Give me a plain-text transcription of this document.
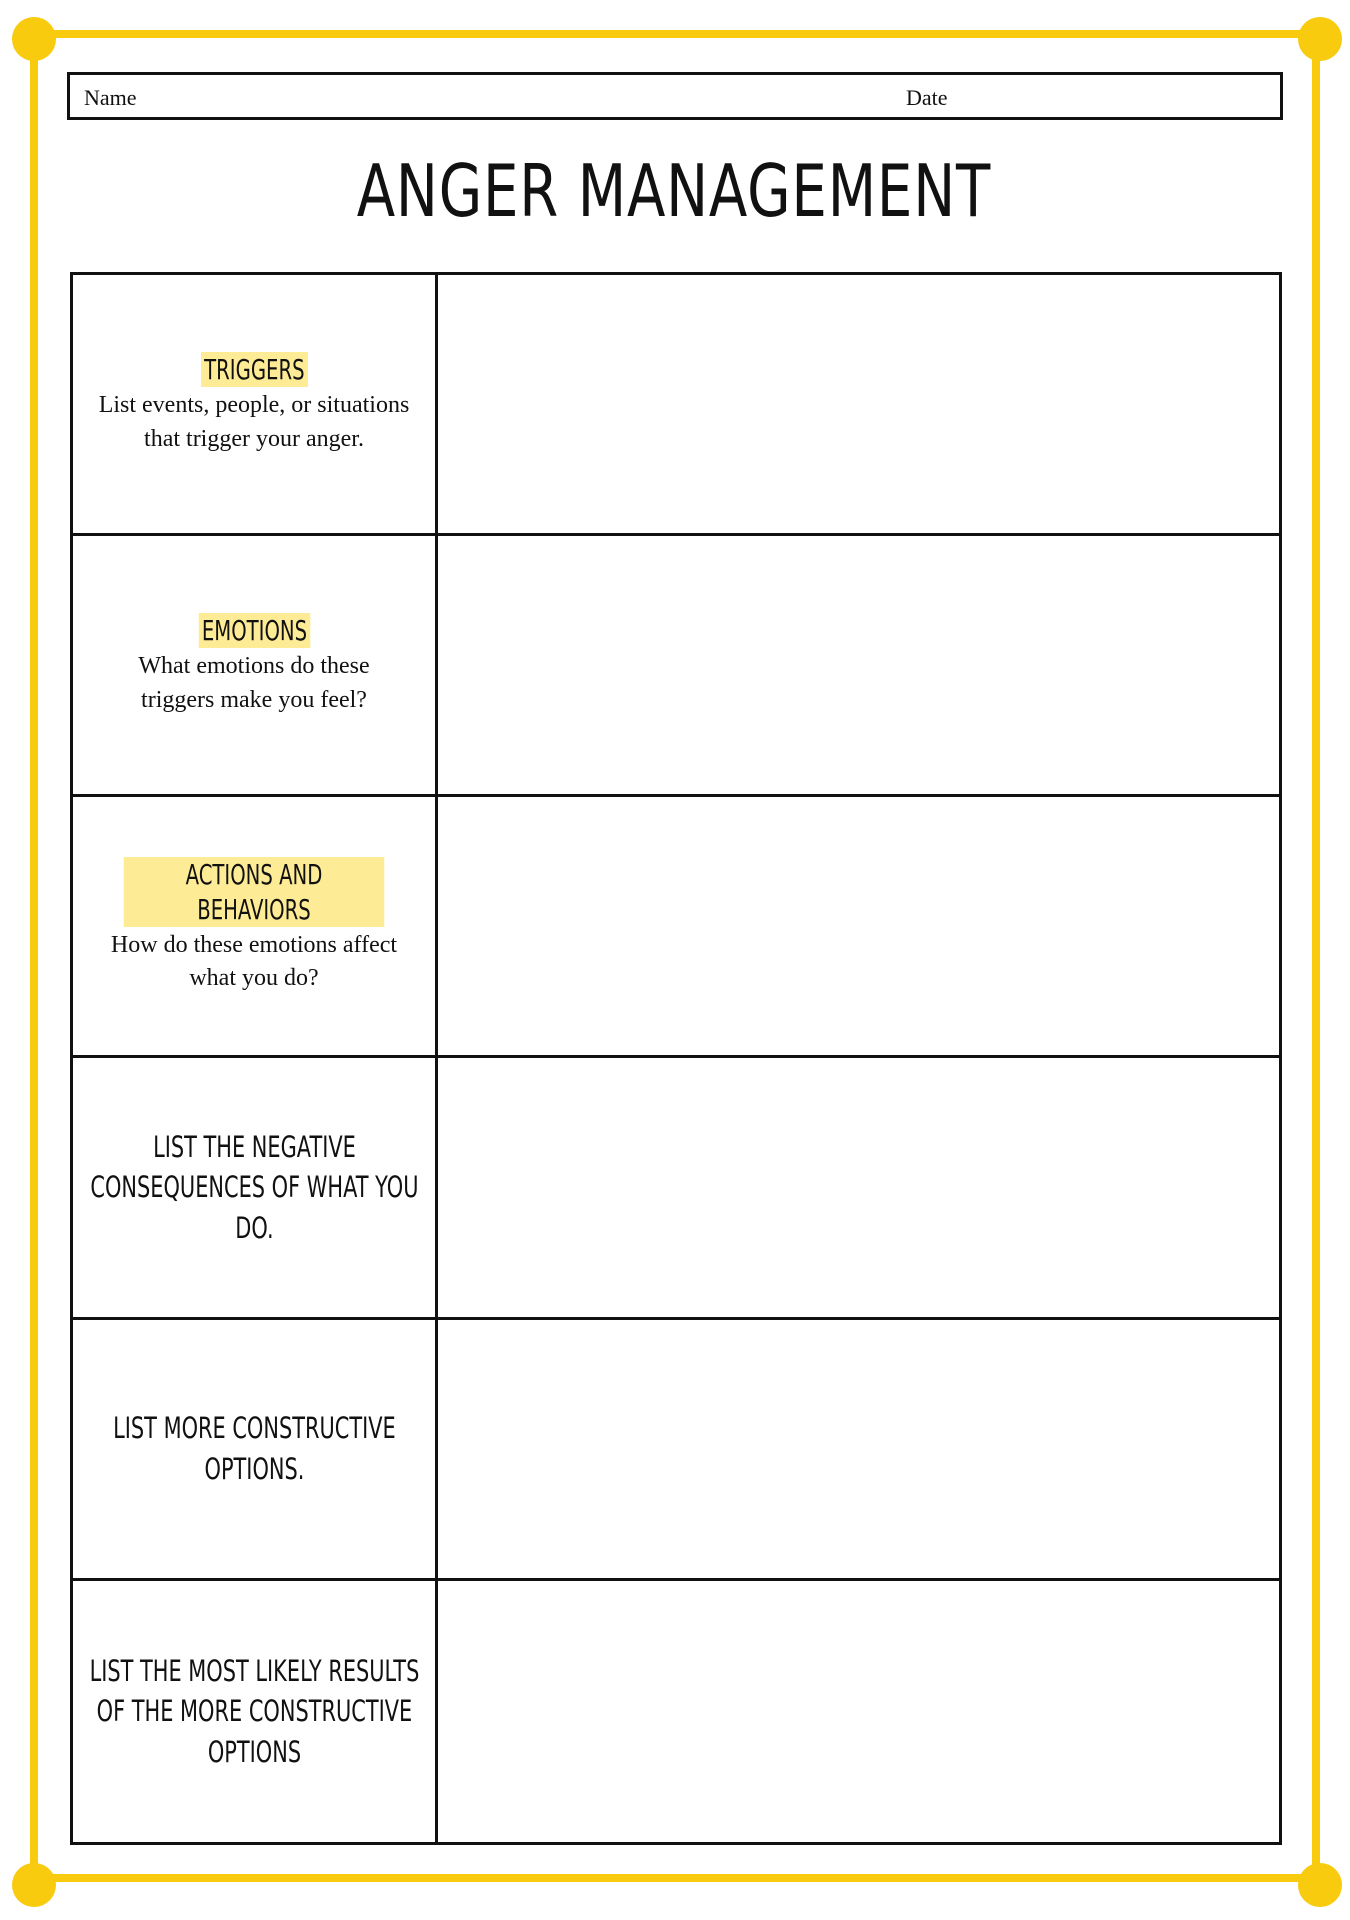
Name	Date
ANGER MANAGEMENT
TRIGGERS
List events, people, or situations that trigger your anger.
EMOTIONS
What emotions do these triggers make you feel?
ACTIONS AND BEHAVIORS
How do these emotions affect what you do?
LIST THE NEGATIVE CONSEQUENCES OF WHAT YOU DO.
LIST MORE CONSTRUCTIVE OPTIONS.
LIST THE MOST LIKELY RESULTS OF THE MORE CONSTRUCTIVE OPTIONS
